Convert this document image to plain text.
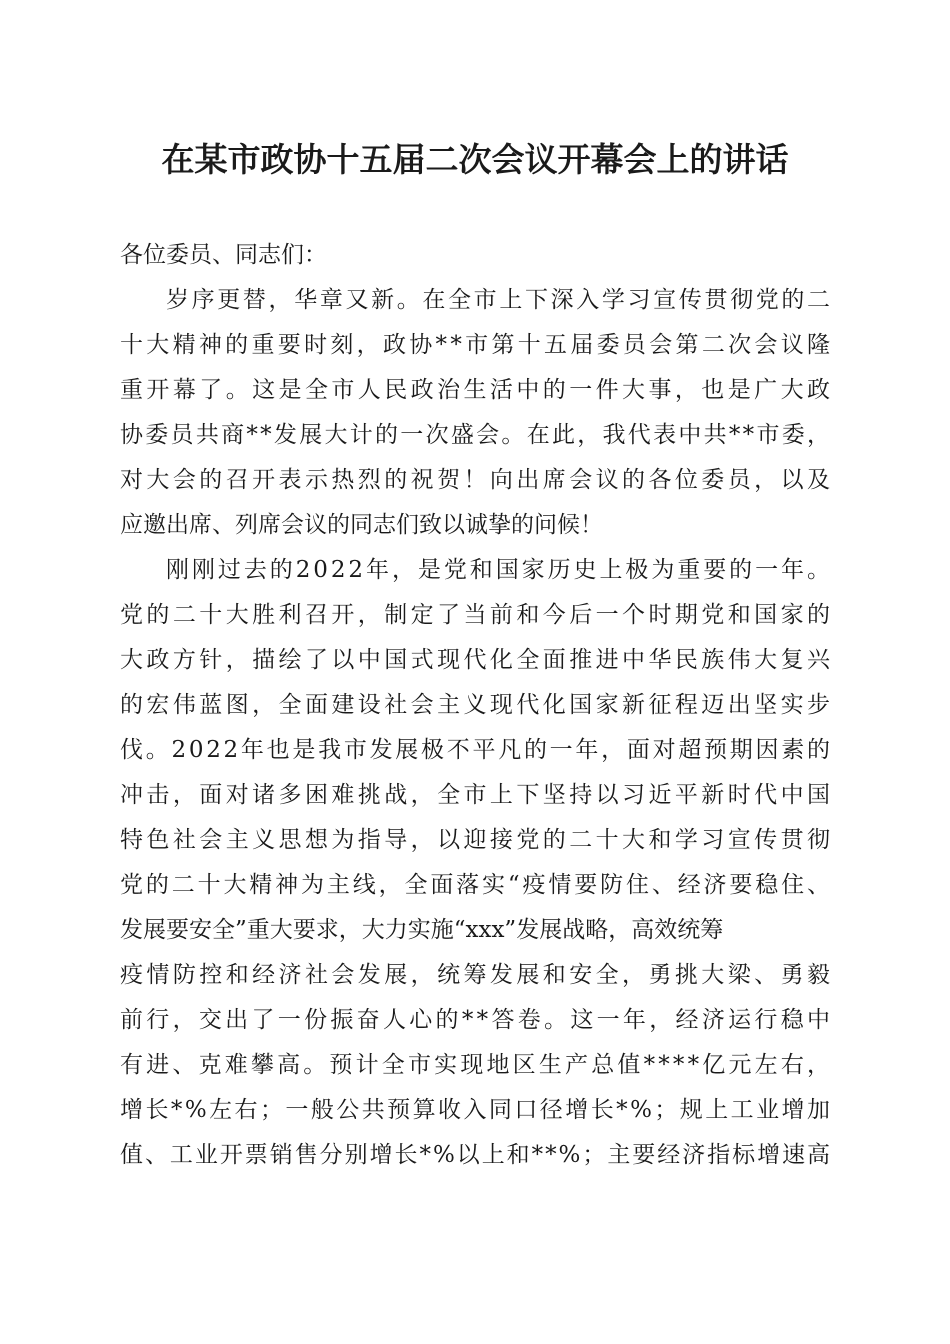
在某市政协十五届二次会议开幕会上的讲话

各位委员、同志们：

岁序更替，华章又新。在全市上下深入学习宣传贯彻党的二

十大精神的重要时刻，政协**市第十五届委员会第二次会议隆

重开幕了。这是全市人民政治生活中的一件大事，也是广大政

协委员共商**发展大计的一次盛会。在此，我代表中共**市委，

对大会的召开表示热烈的祝贺！向出席会议的各位委员，以及

应邀出席、列席会议的同志们致以诚挚的问候！

刚刚过去的2022年，是党和国家历史上极为重要的一年。

党的二十大胜利召开，制定了当前和今后一个时期党和国家的

大政方针，描绘了以中国式现代化全面推进中华民族伟大复兴

的宏伟蓝图，全面建设社会主义现代化国家新征程迈出坚实步

伐。2022年也是我市发展极不平凡的一年，面对超预期因素的

冲击，面对诸多困难挑战，全市上下坚持以习近平新时代中国

特色社会主义思想为指导，以迎接党的二十大和学习宣传贯彻

党的二十大精神为主线，全面落实“疫情要防住、经济要稳住、

发展要安全”重大要求，大力实施“xxx”发展战略，高效统筹

疫情防控和经济社会发展，统筹发展和安全，勇挑大梁、勇毅

前行，交出了一份振奋人心的**答卷。这一年，经济运行稳中

有进、克难攀高。预计全市实现地区生产总值****亿元左右，

增长*%左右；一般公共预算收入同口径增长*%；规上工业增加

值、工业开票销售分别增长*%以上和**%；主要经济指标增速高
